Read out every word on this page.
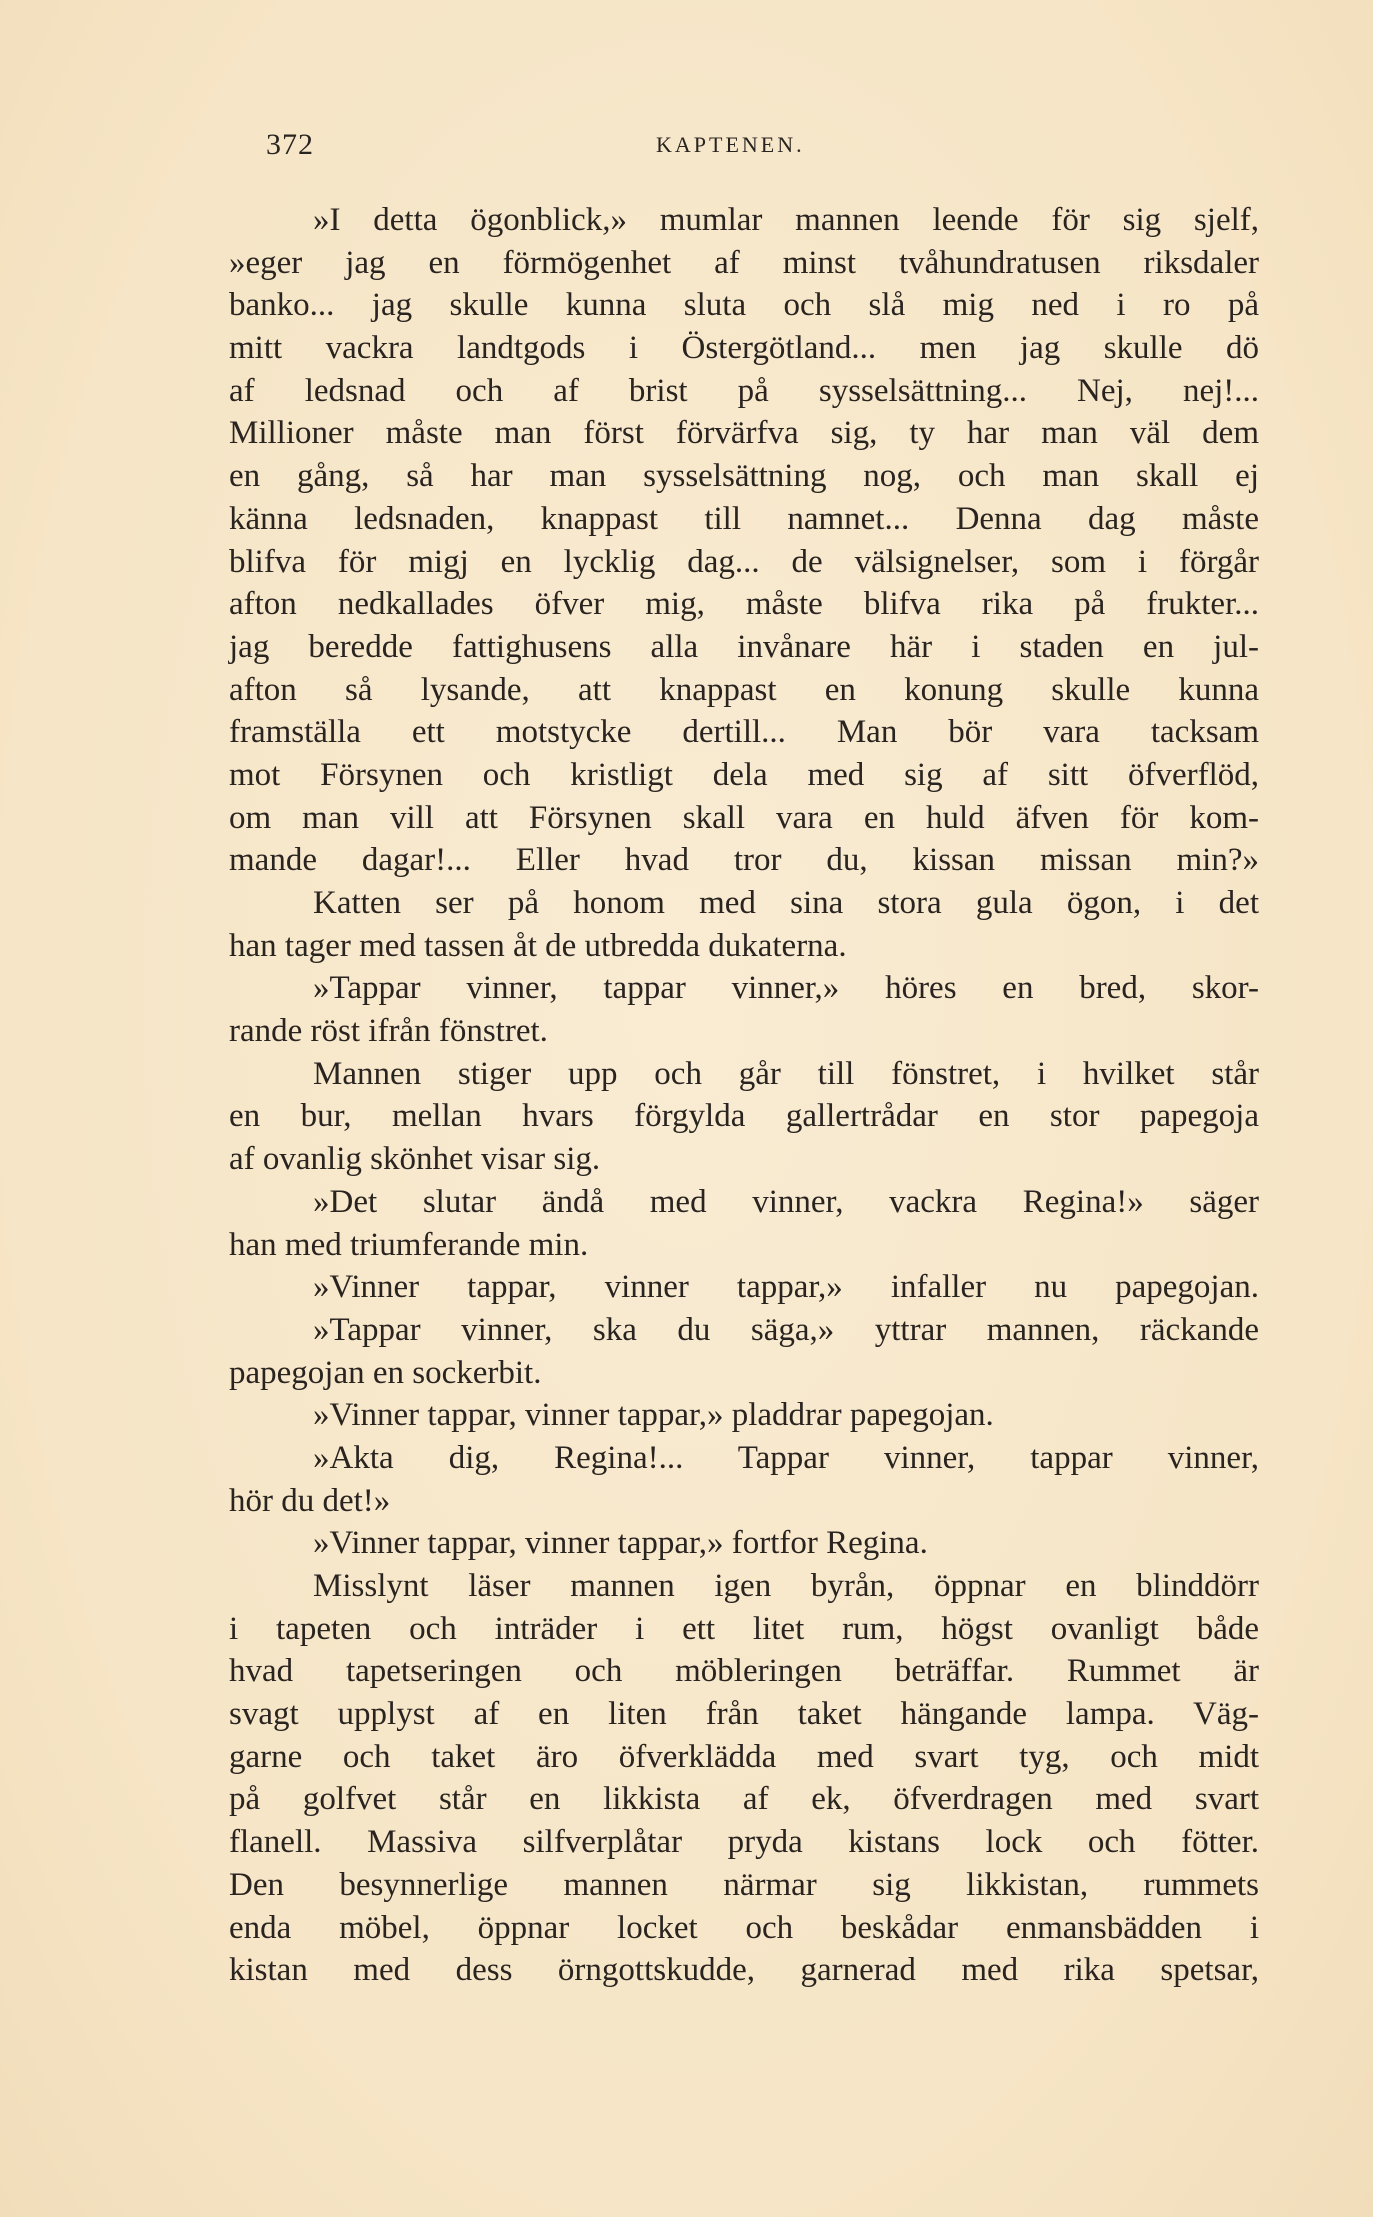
372	KAPTENEN.
»I detta ögonblick,» mumlar mannen leende för sig sjelf,
»eger jag en förmögenhet af minst tvåhundratusen riksdaler
banko... jag skulle kunna sluta och slå mig ned i ro på
mitt vackra landtgods i Östergötland... men jag skulle dö
af ledsnad och af brist på sysselsättning... Nej, nej!...
Millioner måste man först förvärfva sig, ty har man väl dem
en gång, så har man sysselsättning nog, och man skall ej
känna ledsnaden, knappast till namnet... Denna dag måste
blifva för migj en lycklig dag... de välsignelser, som i förgår
afton nedkallades öfver mig, måste blifva rika på frukter...
jag beredde fattighusens alla invånare här i staden en jul-
afton så lysande, att knappast en konung skulle kunna
framställa ett motstycke dertill... Man bör vara tacksam
mot Försynen och kristligt dela med sig af sitt öfverflöd,
om man vill att Försynen skall vara en huld äfven för kom-
mande dagar!... Eller hvad tror du, kissan missan min?»
Katten ser på honom med sina stora gula ögon, i det
han tager med tassen åt de utbredda dukaterna.
»Tappar vinner, tappar vinner,» höres en bred, skor-
rande röst ifrån fönstret.
Mannen stiger upp och går till fönstret, i hvilket står
en bur, mellan hvars förgylda gallertrådar en stor papegoja
af ovanlig skönhet visar sig.
»Det slutar ändå med vinner, vackra Regina!» säger
han med triumferande min.
»Vinner tappar, vinner tappar,» infaller nu papegojan.
»Tappar vinner, ska du säga,» yttrar mannen, räckande
papegojan en sockerbit.
»Vinner tappar, vinner tappar,» pladdrar papegojan.
»Akta dig, Regina!... Tappar vinner, tappar vinner,
hör du det!»
»Vinner tappar, vinner tappar,» fortfor Regina.
Misslynt läser mannen igen byrån, öppnar en blinddörr
i tapeten och inträder i ett litet rum, högst ovanligt både
hvad tapetseringen och möbleringen beträffar. Rummet är
svagt upplyst af en liten från taket hängande lampa. Väg-
garne och taket äro öfverklädda med svart tyg, och midt
på golfvet står en likkista af ek, öfverdragen med svart
flanell. Massiva silfverplåtar pryda kistans lock och fötter.
Den besynnerlige mannen närmar sig likkistan, rummets
enda möbel, öppnar locket och beskådar enmansbädden i
kistan med dess örngottskudde, garnerad med rika spetsar,
